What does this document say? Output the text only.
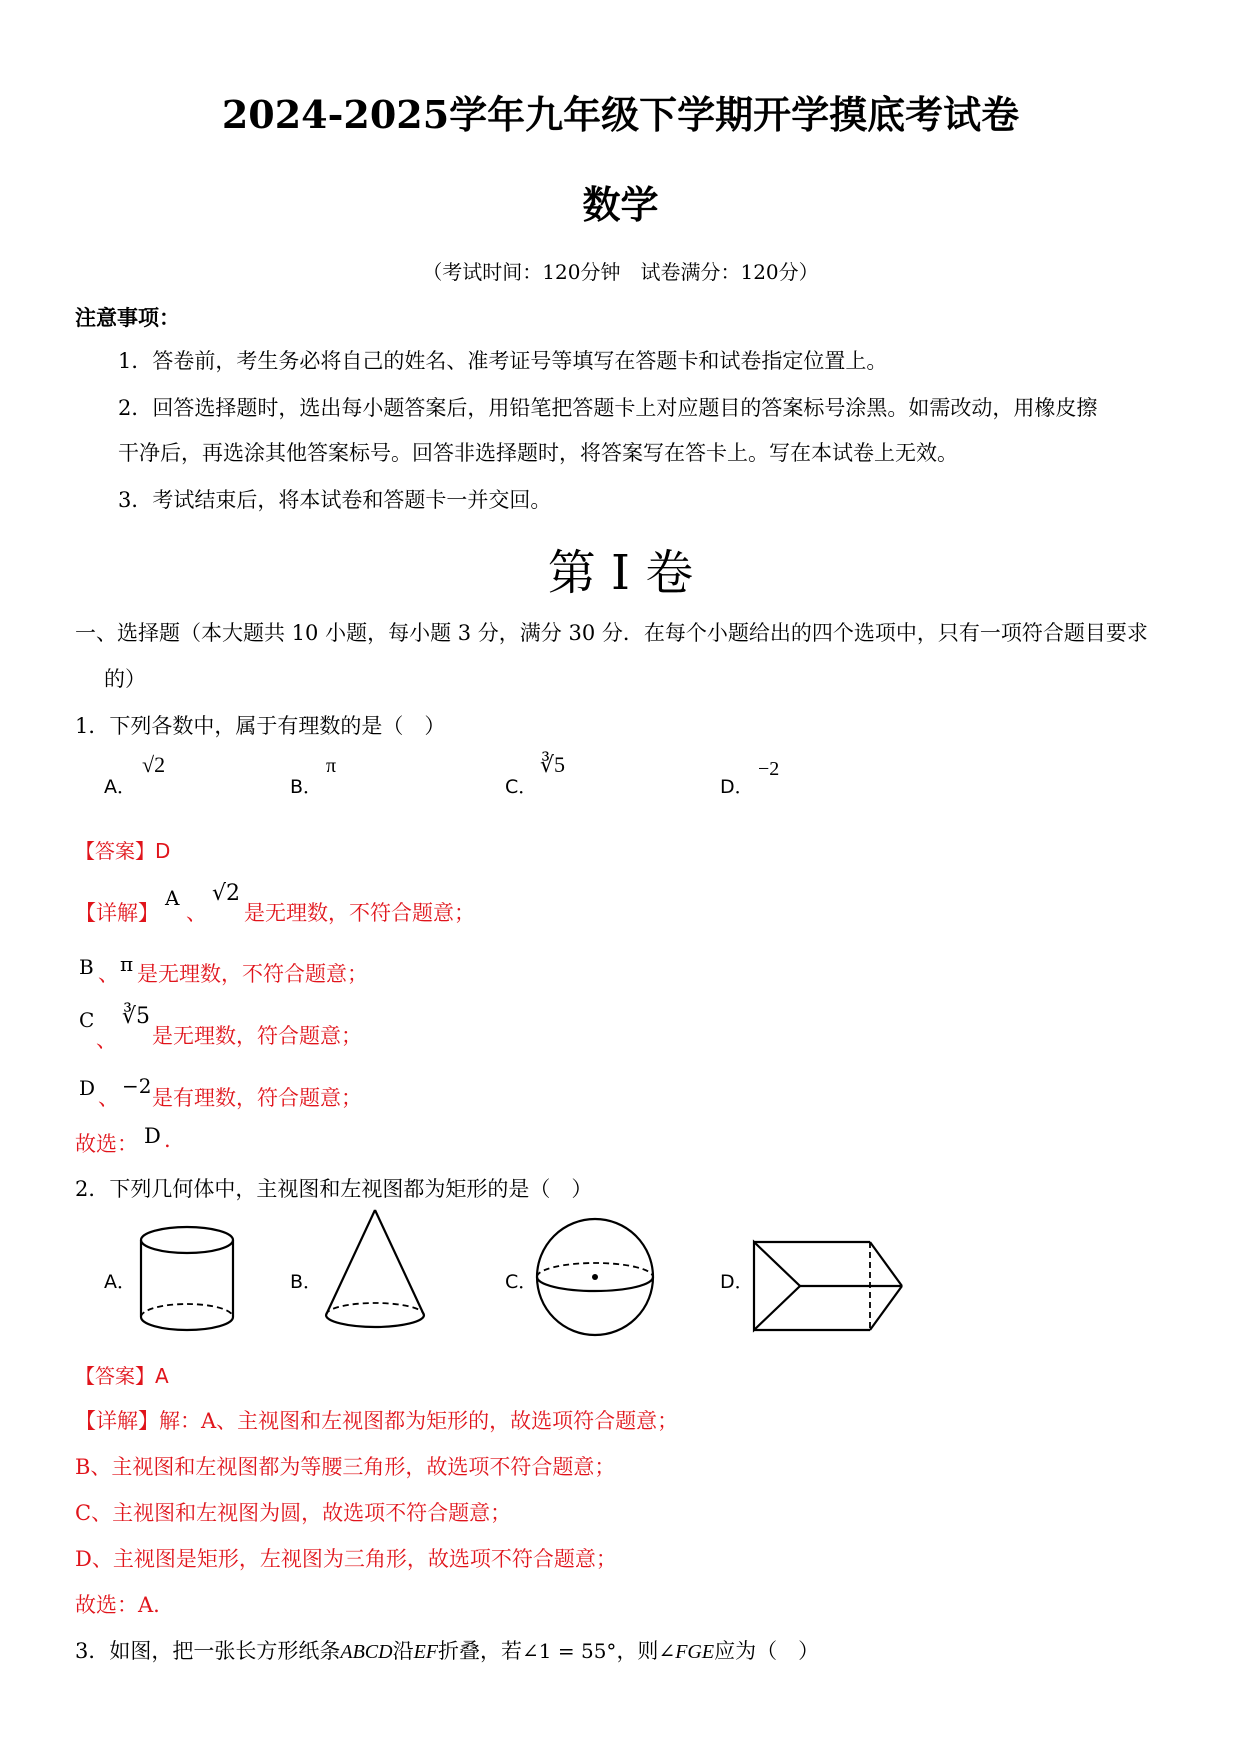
2024-2025学年九年级下学期开学摸底考试卷
数学
（考试时间：120分钟　试卷满分：120分）
注意事项：
1．答卷前，考生务必将自己的姓名、准考证号等填写在答题卡和试卷指定位置上。
2．回答选择题时，选出每小题答案后，用铅笔把答题卡上对应题目的答案标号涂黑。如需改动，用橡皮擦
干净后，再选涂其他答案标号。回答非选择题时，将答案写在答卡上。写在本试卷上无效。
3．考试结束后，将本试卷和答题卡一并交回。
第 I 卷
一、选择题（本大题共 10 小题，每小题 3 分，满分 30 分．在每个小题给出的四个选项中，只有一项符合题目要求
的）
1．下列各数中，属于有理数的是（　）
A．
√2
B．
π
C．
∛5
D．
−2
【答案】D
【详解】
A
、
√2
是无理数，不符合题意；
B 、 π 是无理数，不符合题意；
C
、
∛5
是无理数，符合题意；
D 、 −2 是有理数，符合题意；
故选： D .
2．下列几何体中，主视图和左视图都为矩形的是（　）
A．	B．	C．	D．
【答案】A
【详解】解：A、主视图和左视图都为矩形的，故选项符合题意；
B、主视图和左视图都为等腰三角形，故选项不符合题意；
C、主视图和左视图为圆，故选项不符合题意；
D、主视图是矩形，左视图为三角形，故选项不符合题意；
故选：A.
3．如图，把一张长方形纸条ABCD沿EF折叠，若∠1 = 55°，则∠FGE应为（　）
